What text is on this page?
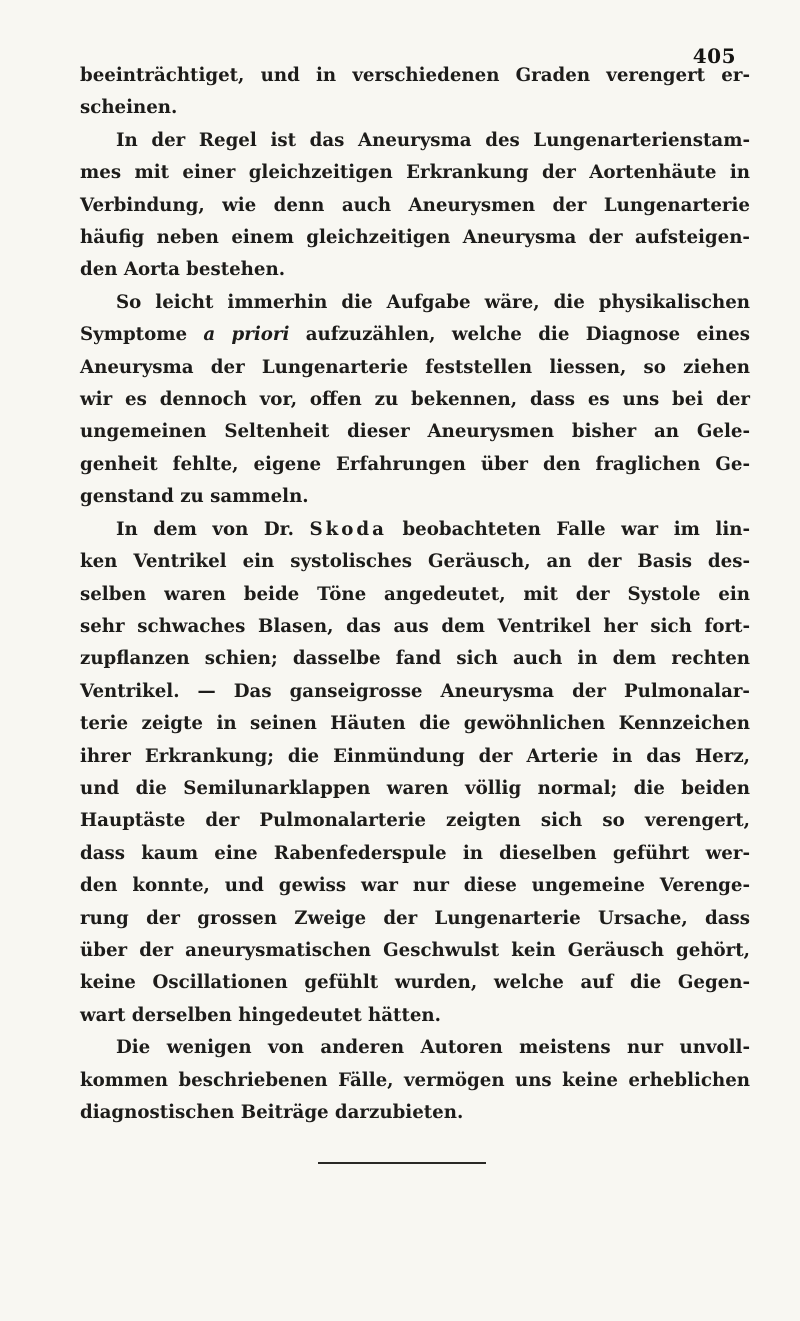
405
beeinträchtiget, und in verschiedenen Graden verengert er-
scheinen.
In der Regel ist das Aneurysma des Lungenarterienstam-
mes mit einer gleichzeitigen Erkrankung der Aortenhäute in
Verbindung, wie denn auch Aneurysmen der Lungenarterie
häufig neben einem gleichzeitigen Aneurysma der aufsteigen-
den Aorta bestehen.
So leicht immerhin die Aufgabe wäre, die physikalischen
Symptome a priori aufzuzählen, welche die Diagnose eines
Aneurysma der Lungenarterie feststellen liessen, so ziehen
wir es dennoch vor, offen zu bekennen, dass es uns bei der
ungemeinen Seltenheit dieser Aneurysmen bisher an Gele-
genheit fehlte, eigene Erfahrungen über den fraglichen Ge-
genstand zu sammeln.
In dem von Dr. Skoda beobachteten Falle war im lin-
ken Ventrikel ein systolisches Geräusch, an der Basis des-
selben waren beide Töne angedeutet, mit der Systole ein
sehr schwaches Blasen, das aus dem Ventrikel her sich fort-
zupflanzen schien; dasselbe fand sich auch in dem rechten
Ventrikel. — Das ganseigrosse Aneurysma der Pulmonalar-
terie zeigte in seinen Häuten die gewöhnlichen Kennzeichen
ihrer Erkrankung; die Einmündung der Arterie in das Herz,
und die Semilunarklappen waren völlig normal; die beiden
Hauptäste der Pulmonalarterie zeigten sich so verengert,
dass kaum eine Rabenfederspule in dieselben geführt wer-
den konnte, und gewiss war nur diese ungemeine Verenge-
rung der grossen Zweige der Lungenarterie Ursache, dass
über der aneurysmatischen Geschwulst kein Geräusch gehört,
keine Oscillationen gefühlt wurden, welche auf die Gegen-
wart derselben hingedeutet hätten.
Die wenigen von anderen Autoren meistens nur unvoll-
kommen beschriebenen Fälle, vermögen uns keine erheblichen
diagnostischen Beiträge darzubieten.
